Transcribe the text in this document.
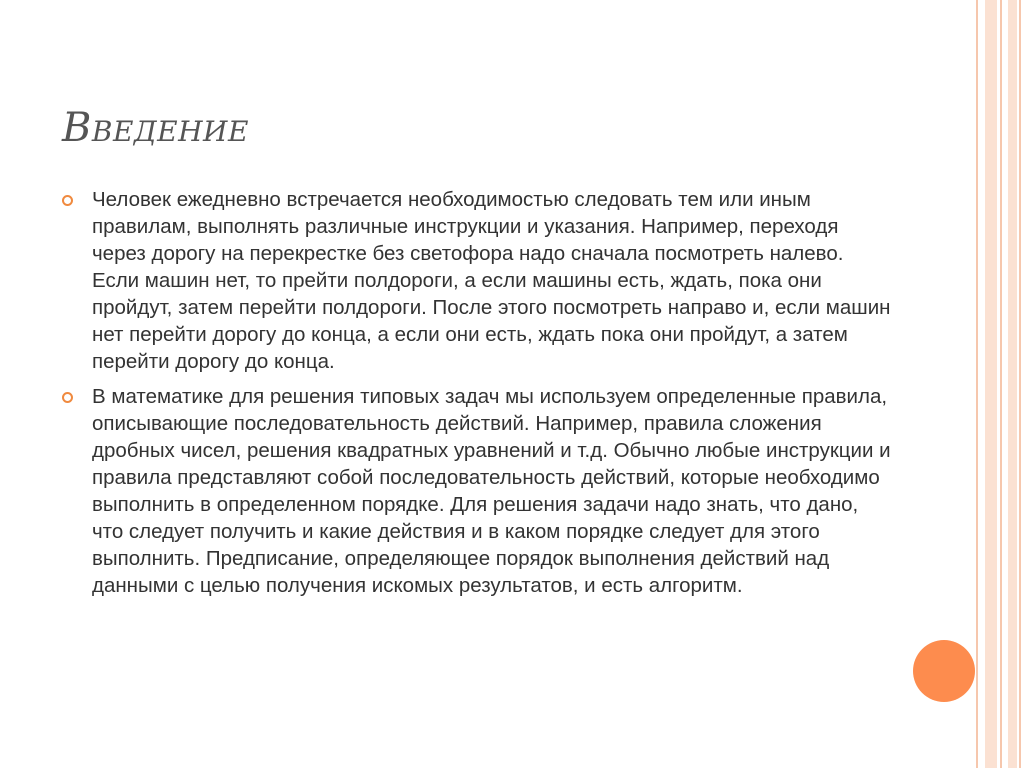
Введение
Человек ежедневно встречается необходимостью следовать тем или иным правилам, выполнять различные инструкции и указания. Например, переходя через дорогу на перекрестке без светофора надо сначала посмотреть налево. Если машин нет, то прейти полдороги, а если машины есть, ждать, пока они пройдут, затем перейти полдороги. После этого посмотреть направо и, если машин нет перейти дорогу до конца, а если они есть, ждать пока они пройдут, а затем перейти дорогу до конца.
В математике для решения типовых задач мы используем определенные правила, описывающие последовательность действий. Например, правила сложения дробных чисел, решения квадратных уравнений и т.д. Обычно любые инструкции и правила представляют собой последовательность действий, которые необходимо выполнить в определенном порядке. Для решения задачи надо знать, что дано, что следует получить и какие действия и в каком порядке следует для этого выполнить. Предписание, определяющее порядок выполнения действий над данными с целью получения искомых результатов, и есть алгоритм.
